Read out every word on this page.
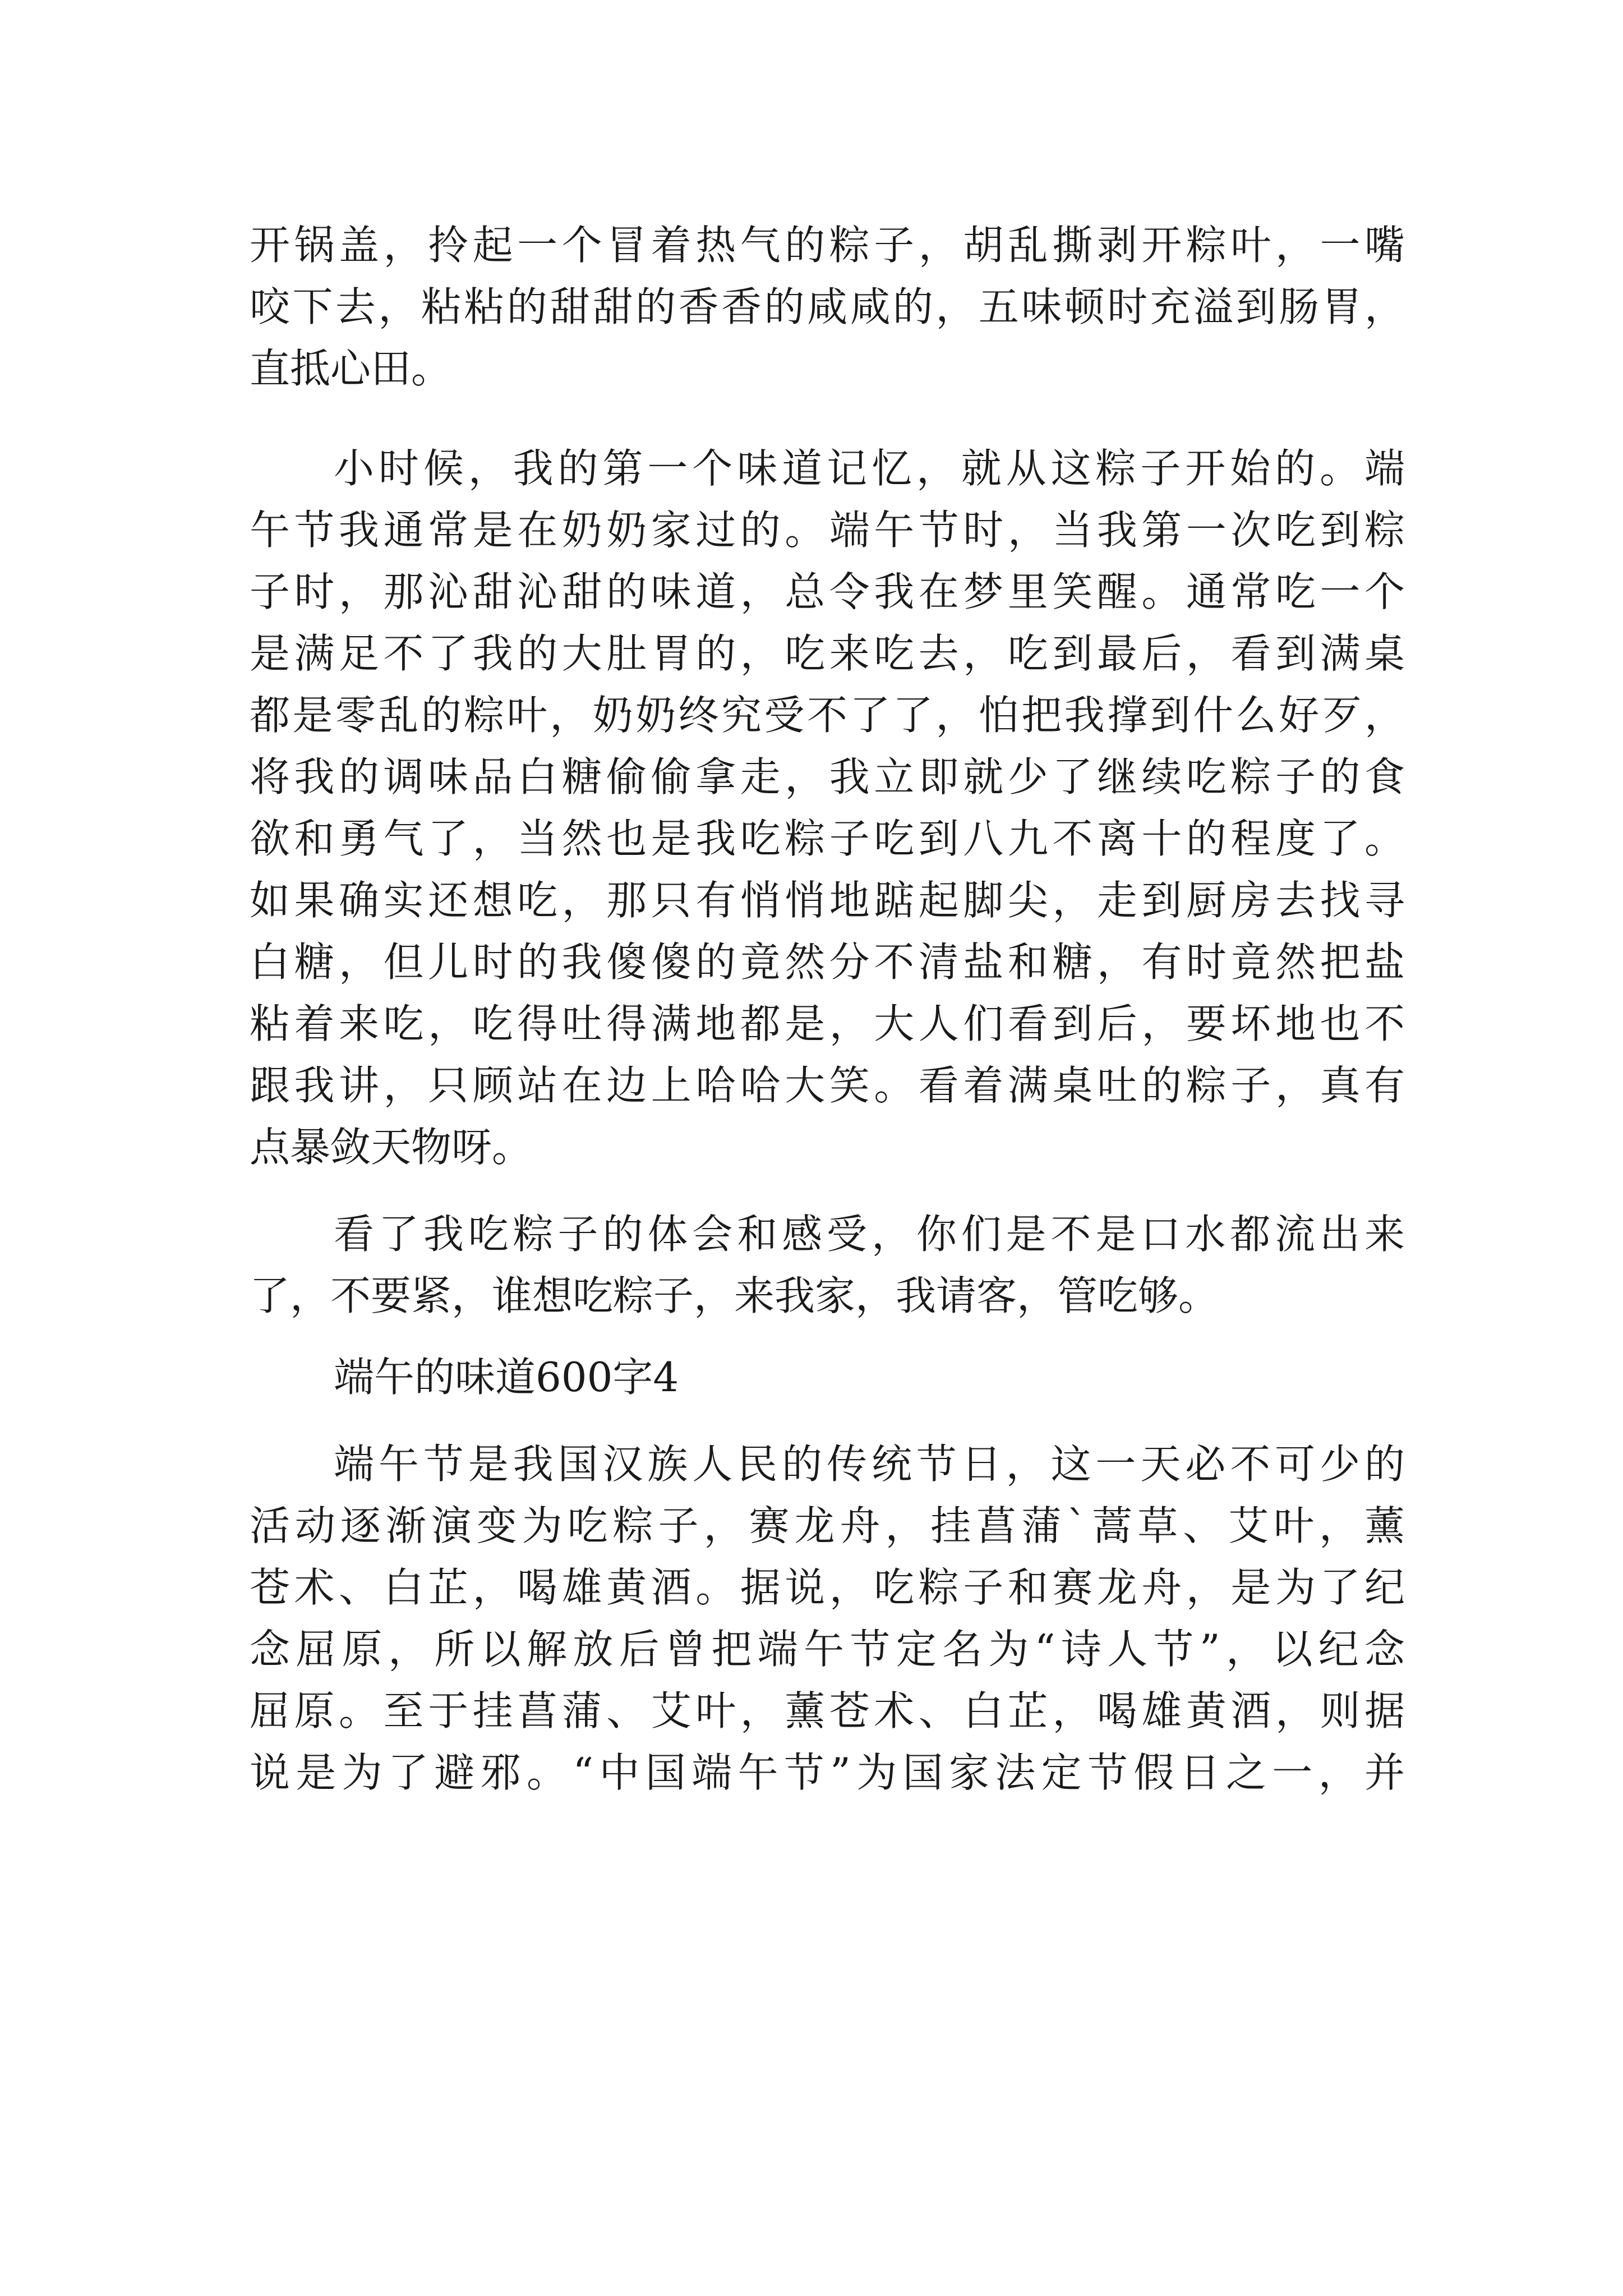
开锅盖，拎起一个冒着热气的粽子，胡乱撕剥开粽叶，一嘴
咬下去，粘粘的甜甜的香香的咸咸的，五味顿时充溢到肠胃，
直抵心田。
小时候，我的第一个味道记忆，就从这粽子开始的。端
午节我通常是在奶奶家过的。端午节时，当我第一次吃到粽
子时，那沁甜沁甜的味道，总令我在梦里笑醒。通常吃一个
是满足不了我的大肚胃的，吃来吃去，吃到最后，看到满桌
都是零乱的粽叶，奶奶终究受不了了，怕把我撑到什么好歹，
将我的调味品白糖偷偷拿走，我立即就少了继续吃粽子的食
欲和勇气了，当然也是我吃粽子吃到八九不离十的程度了。
如果确实还想吃，那只有悄悄地踮起脚尖，走到厨房去找寻
白糖，但儿时的我傻傻的竟然分不清盐和糖，有时竟然把盐
粘着来吃，吃得吐得满地都是，大人们看到后，要坏地也不
跟我讲，只顾站在边上哈哈大笑。看着满桌吐的粽子，真有
点暴敛天物呀。
看了我吃粽子的体会和感受，你们是不是口水都流出来
了，不要紧，谁想吃粽子，来我家，我请客，管吃够。
端午的味道600字4
端午节是我国汉族人民的传统节日，这一天必不可少的
活动逐渐演变为吃粽子，赛龙舟，挂菖蒲`蒿草、艾叶，薰
苍术、白芷，喝雄黄酒。据说，吃粽子和赛龙舟，是为了纪
念屈原，所以解放后曾把端午节定名为“诗人节”，以纪念
屈原。至于挂菖蒲、艾叶，薰苍术、白芷，喝雄黄酒，则据
说是为了避邪。“中国端午节”为国家法定节假日之一，并
